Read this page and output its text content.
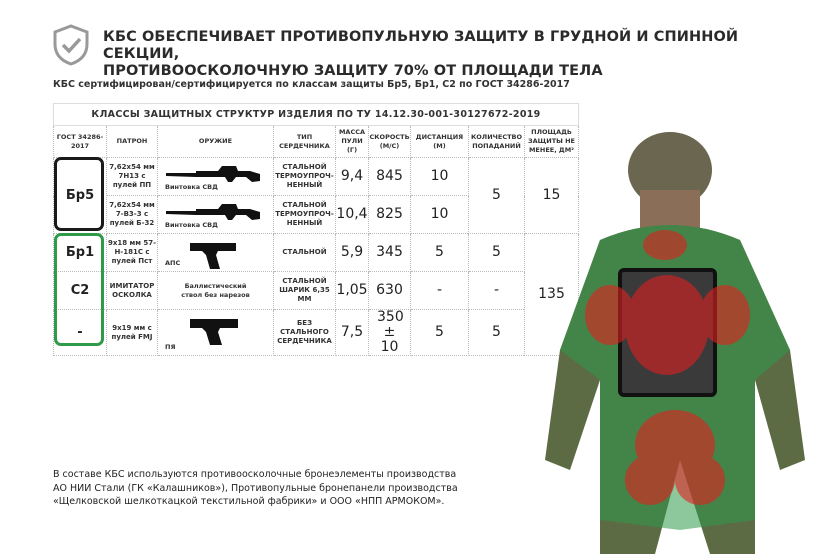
КБС ОБЕСПЕЧИВАЕТ ПРОТИВОПУЛЬНУЮ ЗАЩИТУ В ГРУДНОЙ И СПИННОЙ СЕКЦИИ,
ПРОТИВООСКОЛОЧНУЮ ЗАЩИТУ 70% ОТ ПЛОЩАДИ ТЕЛА
КБС сертифицирован/сертифицируется по классам защиты Бр5, Бр1, С2 по ГОСТ 34286-2017
КЛАССЫ ЗАЩИТНЫХ СТРУКТУР ИЗДЕЛИЯ ПО ТУ 14.12.30-001-30127672-2019								
ГОСТ 34286-2017	ПАТРОН	ОРУЖИЕ	ТИП СЕРДЕЧНИКА	МАССА ПУЛИ (Г)	СКОРОСТЬ (М/С)	ДИСТАНЦИЯ (М)	КОЛИЧЕСТВО ПОПАДАНИЙ	ПЛОЩАДЬ ЗАЩИТЫ НЕ МЕНЕЕ, ДМ²
Бр5	7,62х54 мм 7Н13 с пулей ПП	Винтовка СВД	СТАЛЬНОЙ ТЕРМОУПРОЧ-НЕННЫЙ	9,4	845	10	5	15
	7,62х54 мм 7-В3-3 с пулей Б-32	Винтовка СВД	СТАЛЬНОЙ ТЕРМОУПРОЧ-НЕННЫЙ	10,4	825	10		
Бр1	9х18 мм 57-Н-181С с пулей Пст	АПС	СТАЛЬНОЙ	5,9	345	5	5	135
С2	ИМИТАТОР ОСКОЛКА	Баллистический ствол без нарезов	СТАЛЬНОЙ ШАРИК 6,35 ММ	1,05	630	-	-	
-	9х19 мм с пулей FMJ	ПЯ	БЕЗ СТАЛЬНОГО СЕРДЕЧНИКА	7,5	350 ± 10	5	5	
В составе КБС используются противоосколочные бронеэлементы производства
АО НИИ Стали (ГК «Калашников»), Противопульные бронепанели производства
«Щелковской шелкоткацкой текстильной фабрики» и ООО «НПП АРМОКОМ».
